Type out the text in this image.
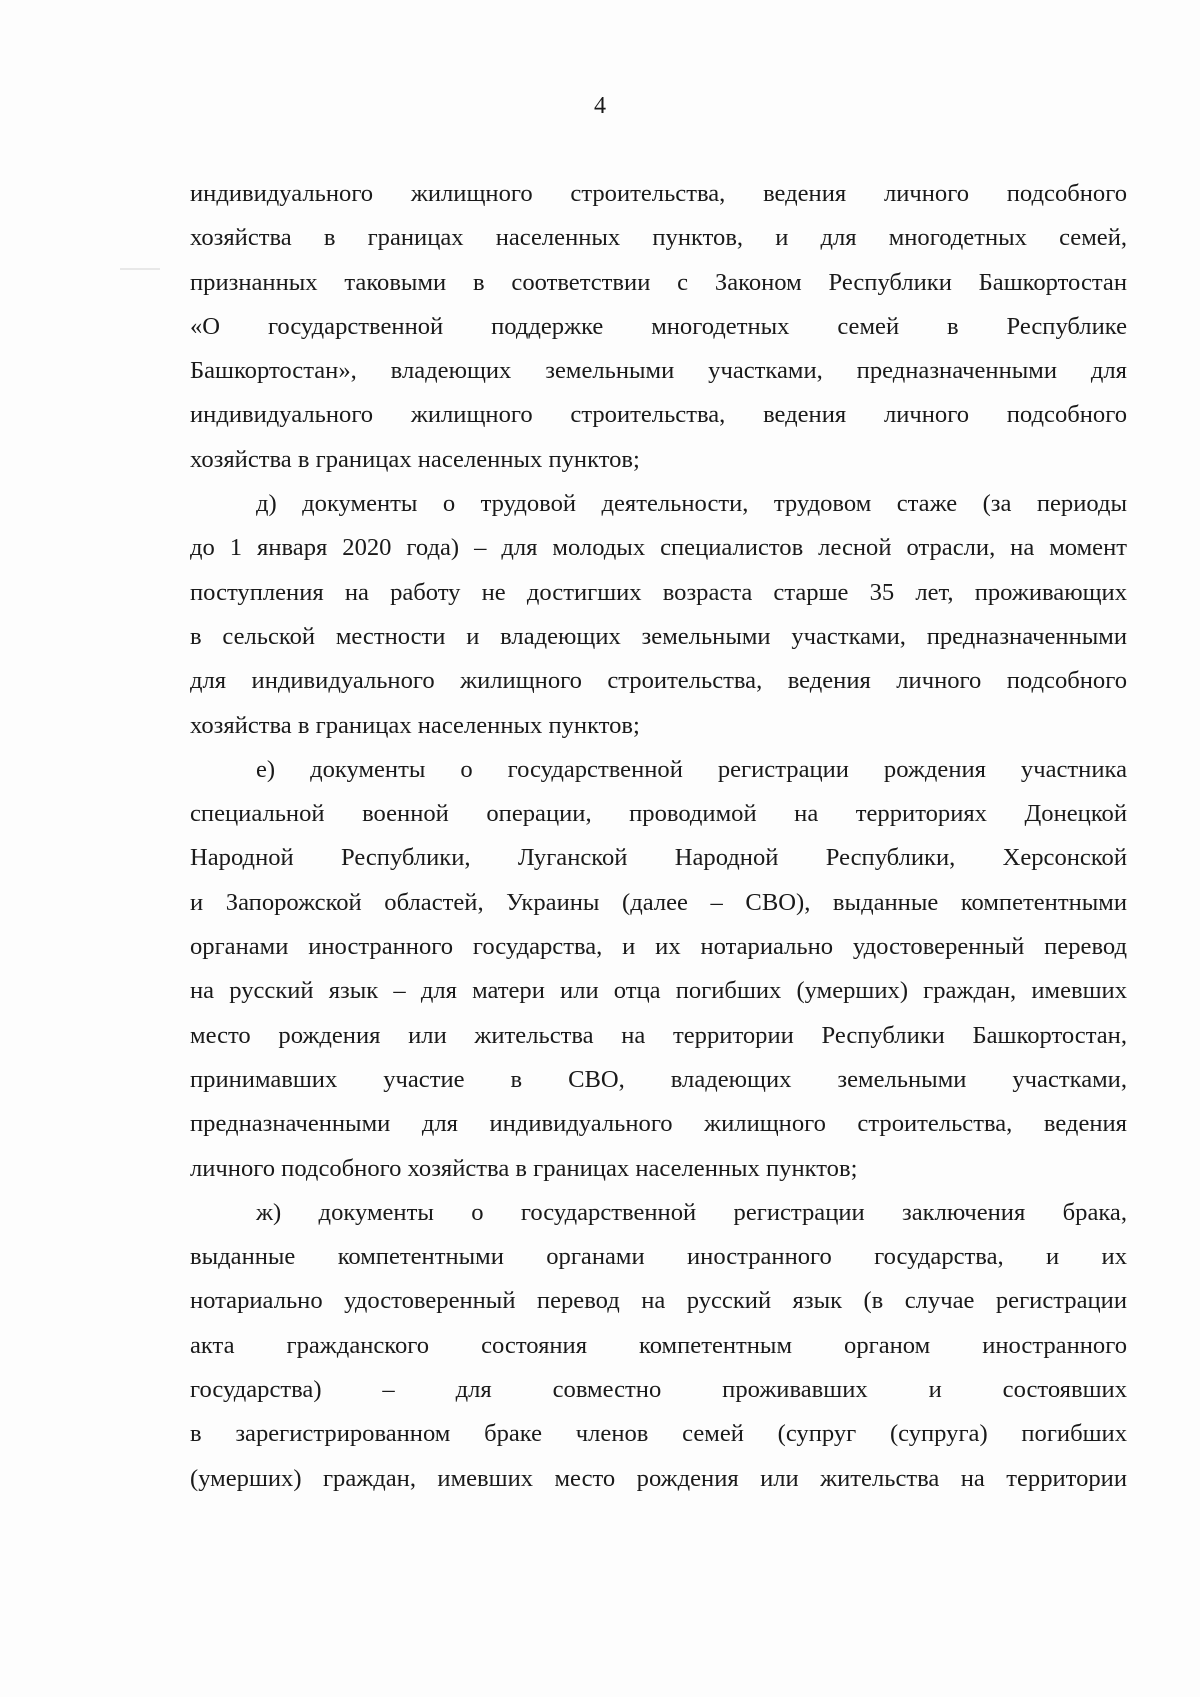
4
индивидуального жилищного строительства, ведения личного подсобного
хозяйства в границах населенных пунктов, и для многодетных семей,
признанных таковыми в соответствии с Законом Республики Башкортостан
«О государственной поддержке многодетных семей в Республике
Башкортостан», владеющих земельными участками, предназначенными для
индивидуального жилищного строительства, ведения личного подсобного
хозяйства в границах населенных пунктов;
д) документы о трудовой деятельности, трудовом стаже (за периоды
до 1 января 2020 года) – для молодых специалистов лесной отрасли, на момент
поступления на работу не достигших возраста старше 35 лет, проживающих
в сельской местности и владеющих земельными участками, предназначенными
для индивидуального жилищного строительства, ведения личного подсобного
хозяйства в границах населенных пунктов;
е) документы о государственной регистрации рождения участника
специальной военной операции, проводимой на территориях Донецкой
Народной Республики, Луганской Народной Республики, Херсонской
и Запорожской областей, Украины (далее – СВО), выданные компетентными
органами иностранного государства, и их нотариально удостоверенный перевод
на русский язык – для матери или отца погибших (умерших) граждан, имевших
место рождения или жительства на территории Республики Башкортостан,
принимавших участие в СВО, владеющих земельными участками,
предназначенными для индивидуального жилищного строительства, ведения
личного подсобного хозяйства в границах населенных пунктов;
ж) документы о государственной регистрации заключения брака,
выданные компетентными органами иностранного государства, и их
нотариально удостоверенный перевод на русский язык (в случае регистрации
акта гражданского состояния компетентным органом иностранного
государства) – для совместно проживавших и состоявших
в зарегистрированном браке членов семей (супруг (супруга) погибших
(умерших) граждан, имевших место рождения или жительства на территории
